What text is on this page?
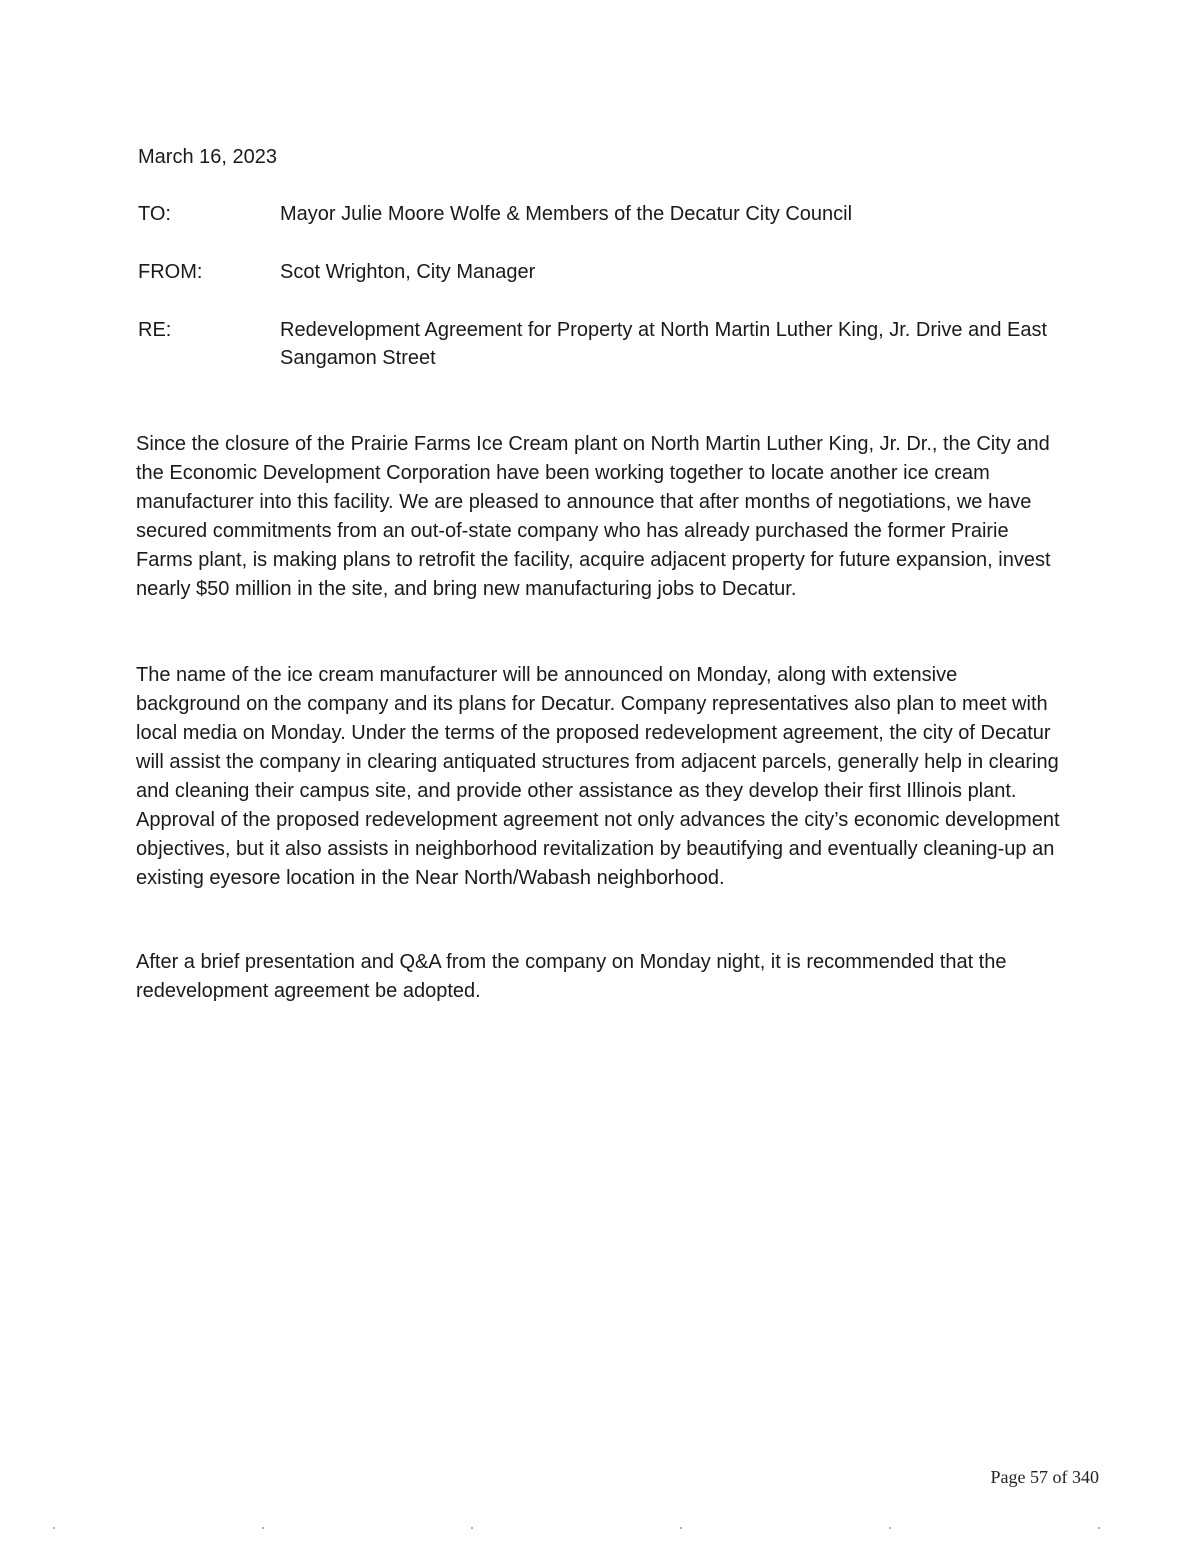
March 16, 2023
TO:	Mayor Julie Moore Wolfe & Members of the Decatur City Council
FROM:	Scot Wrighton, City Manager
RE:	Redevelopment Agreement for Property at North Martin Luther King, Jr. Drive and East Sangamon Street

Since the closure of the Prairie Farms Ice Cream plant on North Martin Luther King, Jr. Dr., the City and the Economic Development Corporation have been working together to locate another ice cream manufacturer into this facility. We are pleased to announce that after months of negotiations, we have secured commitments from an out-of-state company who has already purchased the former Prairie Farms plant, is making plans to retrofit the facility, acquire adjacent property for future expansion, invest nearly $50 million in the site, and bring new manufacturing jobs to Decatur.

The name of the ice cream manufacturer will be announced on Monday, along with extensive background on the company and its plans for Decatur. Company representatives also plan to meet with local media on Monday. Under the terms of the proposed redevelopment agreement, the city of Decatur will assist the company in clearing antiquated structures from adjacent parcels, generally help in clearing and cleaning their campus site, and provide other assistance as they develop their first Illinois plant. Approval of the proposed redevelopment agreement not only advances the city’s economic development objectives, but it also assists in neighborhood revitalization by beautifying and eventually cleaning-up an existing eyesore location in the Near North/Wabash neighborhood.

After a brief presentation and Q&A from the company on Monday night, it is recommended that the redevelopment agreement be adopted.

Page 57 of 340
